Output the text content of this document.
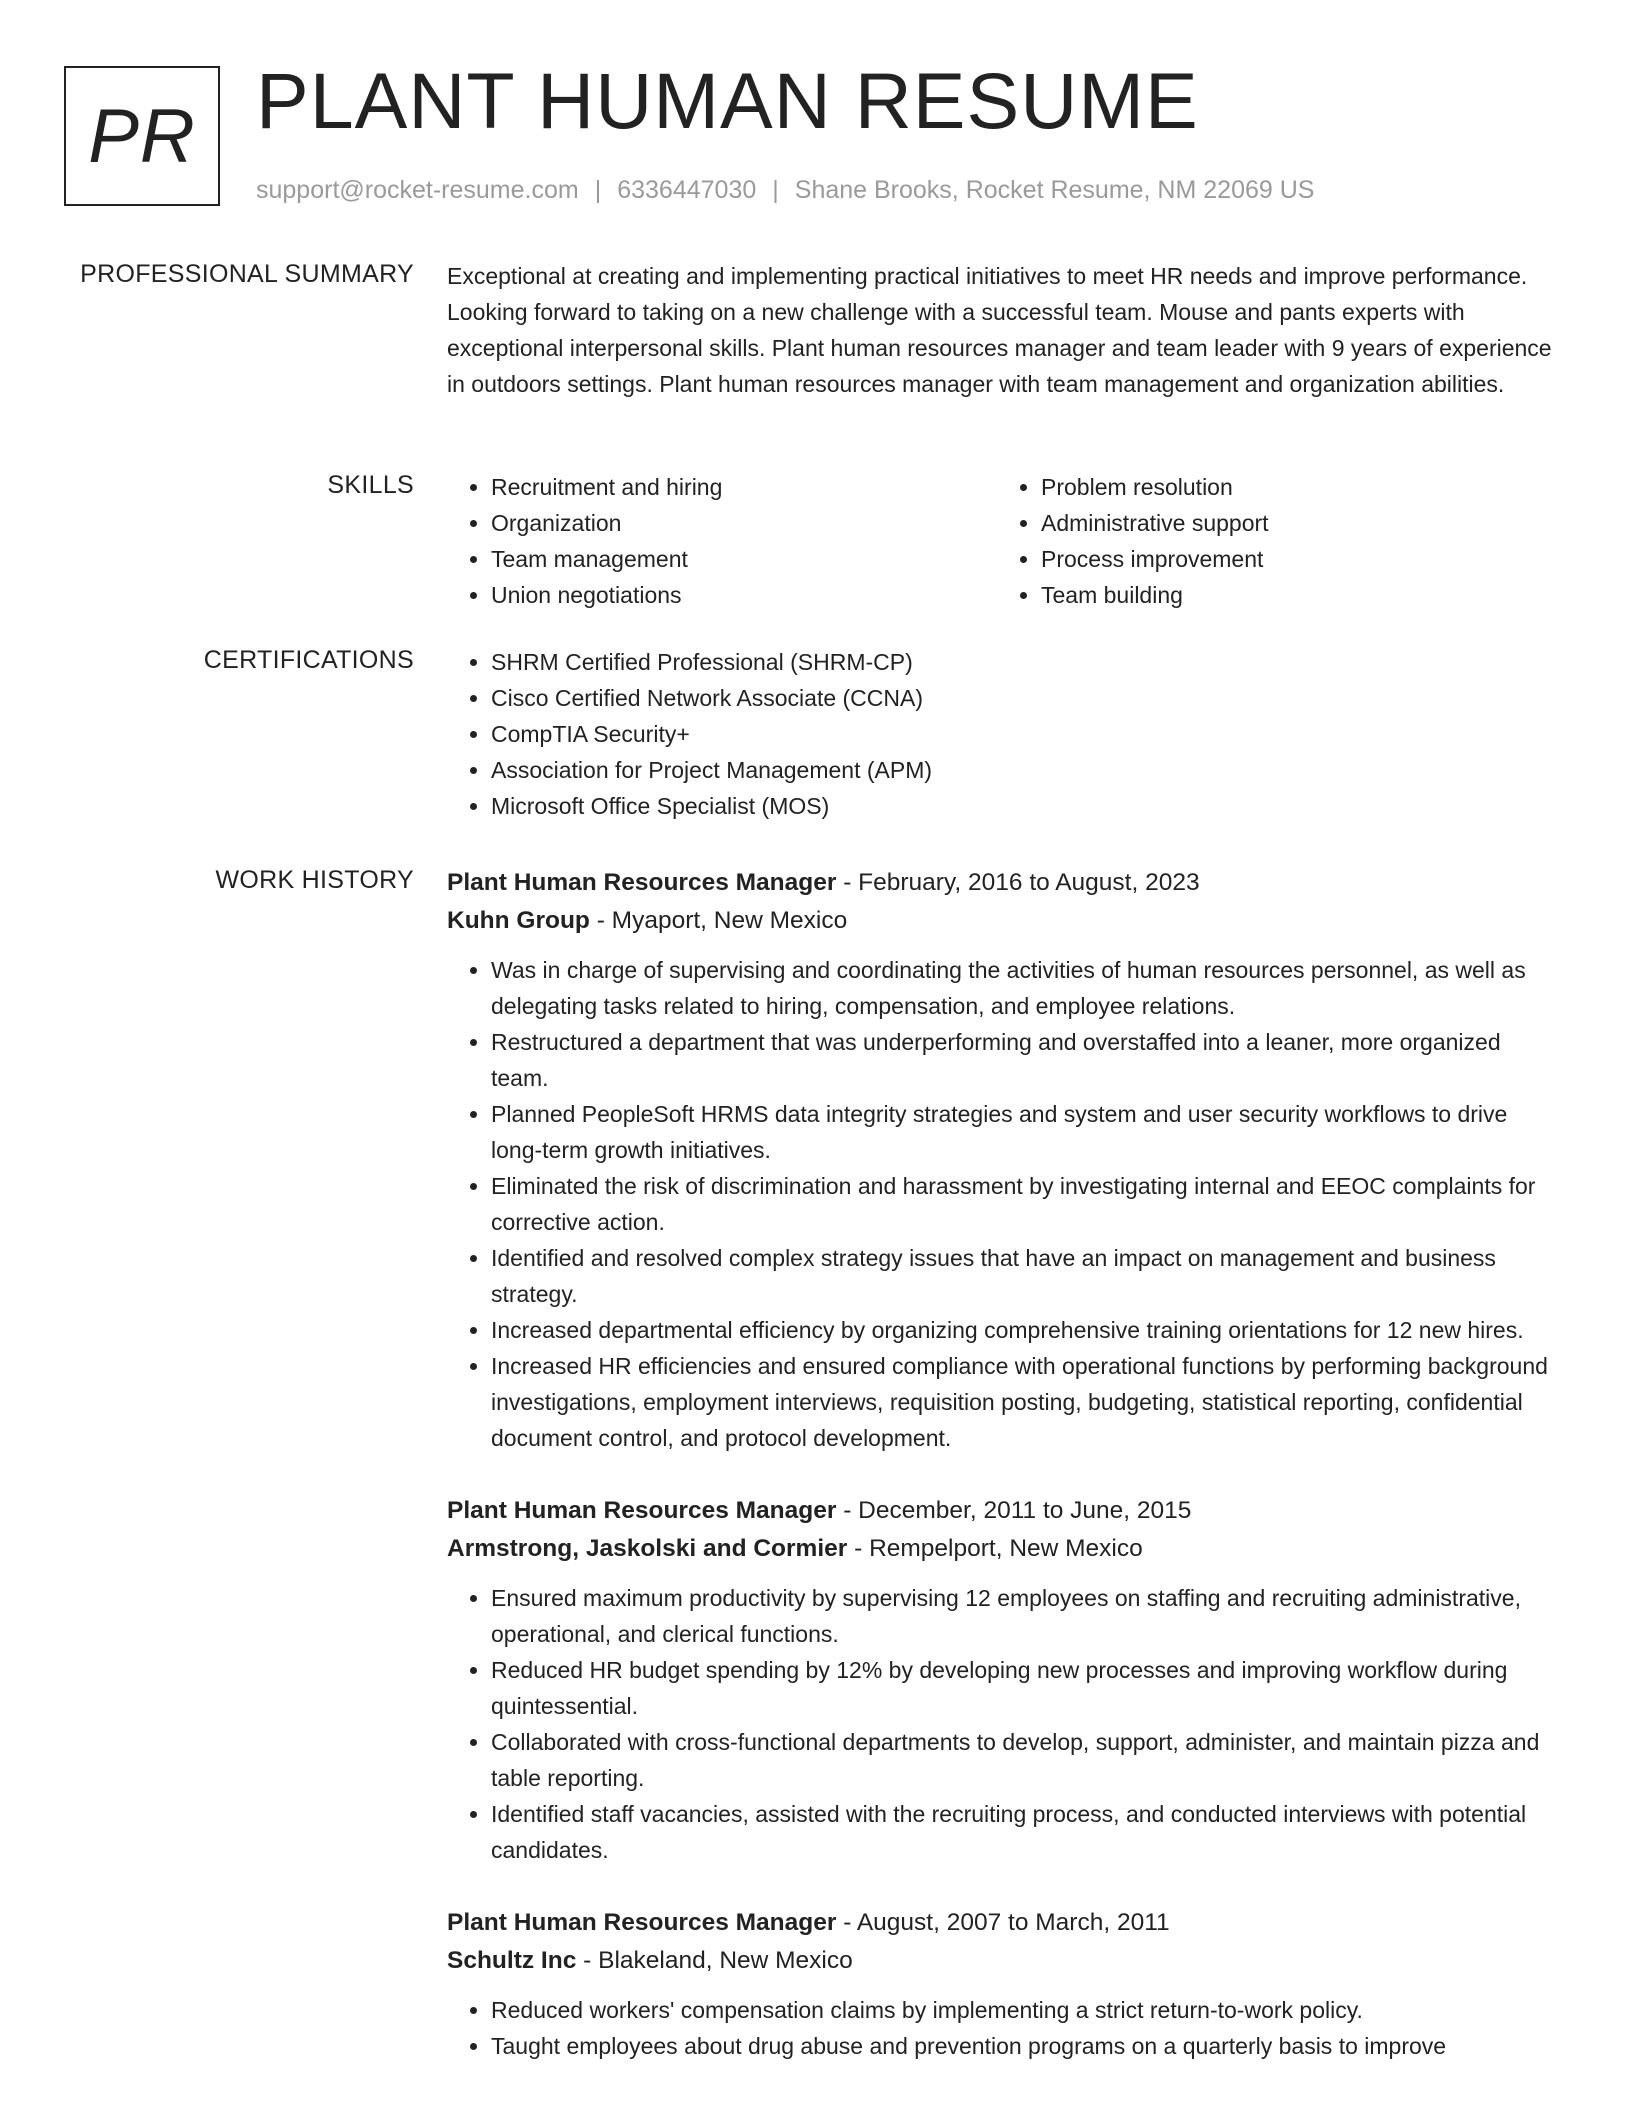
PR PLANT HUMAN RESUME
support@rocket-resume.com | 6336447030 | Shane Brooks, Rocket Resume, NM 22069 US
PROFESSIONAL SUMMARY Exceptional at creating and implementing practical initiatives to meet HR needs and improve performance. Looking forward to taking on a new challenge with a successful team. Mouse and pants experts with exceptional interpersonal skills. Plant human resources manager and team leader with 9 years of experience in outdoors settings. Plant human resources manager with team management and organization abilities.

SKILLS	• Recruitment and hiring
• Organization
• Team management
• Union negotiations
• Problem resolution
• Administrative support
• Process improvement
• Team building
CERTIFICATIONS	• SHRM Certified Professional (SHRM-CP)
• Cisco Certified Network Associate (CCNA)
• CompTIA Security+
• Association for Project Management (APM)
• Microsoft Office Specialist (MOS)
WORK HISTORY Plant Human Resources Manager - February, 2016 to August, 2023
Kuhn Group - Myaport, New Mexico
• Was in charge of supervising and coordinating the activities of human resources personnel, as well as delegating tasks related to hiring, compensation, and employee relations.
• Restructured a department that was underperforming and overstaffed into a leaner, more organized team.
• Planned PeopleSoft HRMS data integrity strategies and system and user security workflows to drive long-term growth initiatives.
• Eliminated the risk of discrimination and harassment by investigating internal and EEOC complaints for corrective action.
• Identified and resolved complex strategy issues that have an impact on management and business strategy.
• Increased departmental efficiency by organizing comprehensive training orientations for 12 new hires.
• Increased HR efficiencies and ensured compliance with operational functions by performing background investigations, employment interviews, requisition posting, budgeting, statistical reporting, confidential document control, and protocol development.
Plant Human Resources Manager - December, 2011 to June, 2015
Armstrong, Jaskolski and Cormier - Rempelport, New Mexico
• Ensured maximum productivity by supervising 12 employees on staffing and recruiting administrative, operational, and clerical functions.
• Reduced HR budget spending by 12% by developing new processes and improving workflow during quintessential.
• Collaborated with cross-functional departments to develop, support, administer, and maintain pizza and table reporting.
• Identified staff vacancies, assisted with the recruiting process, and conducted interviews with potential candidates.
Plant Human Resources Manager - August, 2007 to March, 2011
Schultz Inc - Blakeland, New Mexico
• Reduced workers' compensation claims by implementing a strict return-to-work policy.
• Taught employees about drug abuse and prevention programs on a quarterly basis to improve
